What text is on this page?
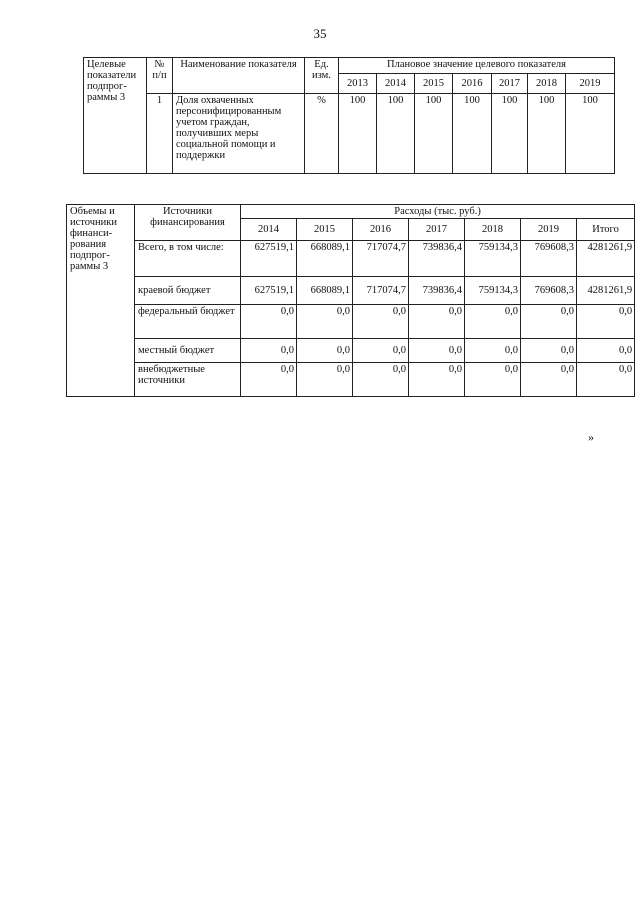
35
Целевые показатели подпрог-раммы 3	№ п/п	Наименование показателя	Ед. изм.	Плановое значение целевого показателя						
				2013	2014	2015	2016	2017	2018	2019
	1	Доля охваченных персонифицированным учетом граждан, получивших меры социальной помощи и поддержки	%	100	100	100	100	100	100	100
Объемы и источники финанси-рования подпрог-раммы 3	Источники финансирования	Расходы (тыс. руб.)						
		2014	2015	2016	2017	2018	2019	Итого
	Всего, в том числе:	627519,1	668089,1	717074,7	739836,4	759134,3	769608,3	4281261,9
	краевой бюджет	627519,1	668089,1	717074,7	739836,4	759134,3	769608,3	4281261,9
	федеральный бюджет	0,0	0,0	0,0	0,0	0,0	0,0	0,0
	местный бюджет	0,0	0,0	0,0	0,0	0,0	0,0	0,0
	внебюджетные источники	0,0	0,0	0,0	0,0	0,0	0,0	0,0
»
